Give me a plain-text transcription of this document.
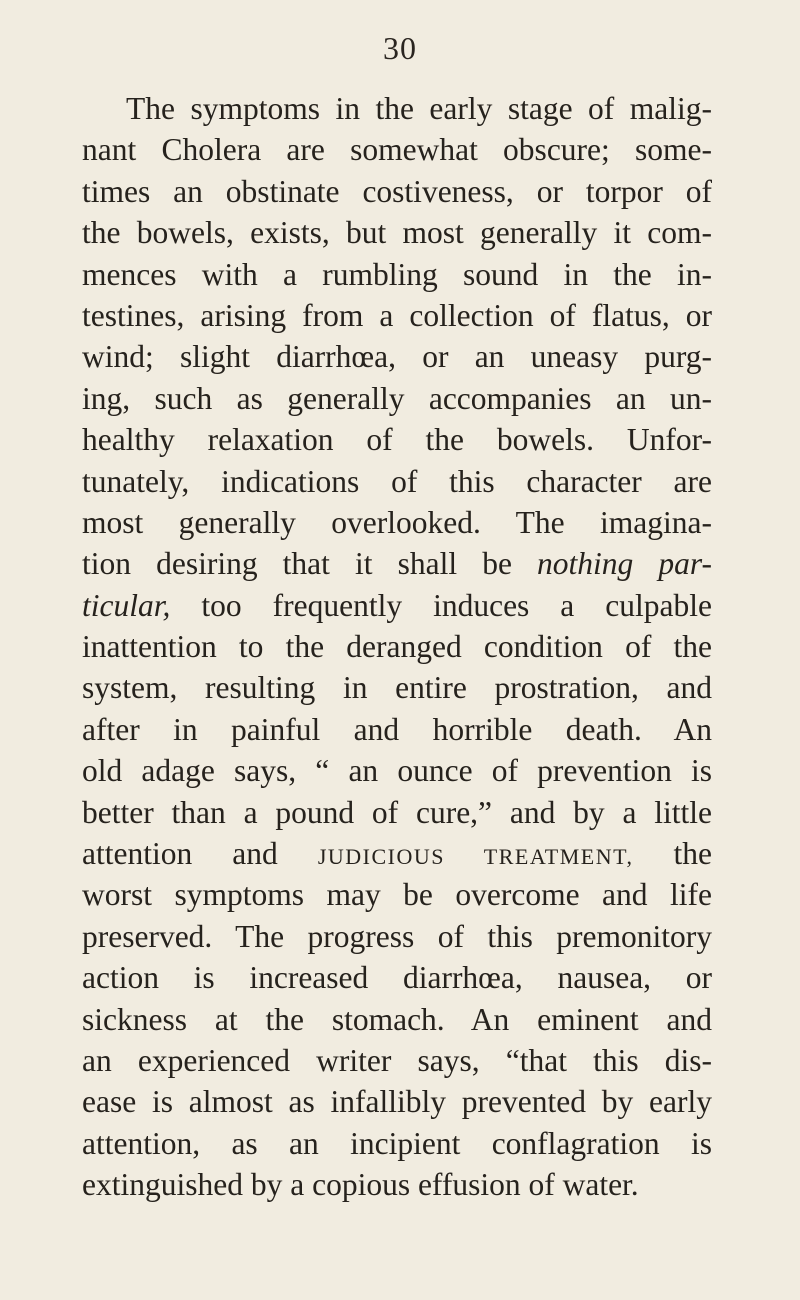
30
The symptoms in the early stage of malig-
nant Cholera are somewhat obscure; some-
times an obstinate costiveness, or torpor of
the bowels, exists, but most generally it com-
mences with a rumbling sound in the in-
testines, arising from a collection of flatus, or
wind; slight diarrhœa, or an uneasy purg-
ing, such as generally accompanies an un-
healthy relaxation of the bowels. Unfor-
tunately, indications of this character are
most generally overlooked. The imagina-
tion desiring that it shall be nothing par-
ticular, too frequently induces a culpable
inattention to the deranged condition of the
system, resulting in entire prostration, and
after in painful and horrible death. An
old adage says, “ an ounce of prevention is
better than a pound of cure,” and by a little
attention and JUDICIOUS TREATMENT, the
worst symptoms may be overcome and life
preserved. The progress of this premonitory
action is increased diarrhœa, nausea, or
sickness at the stomach. An eminent and
an experienced writer says, “that this dis-
ease is almost as infallibly prevented by early
attention, as an incipient conflagration is
extinguished by a copious effusion of water.
